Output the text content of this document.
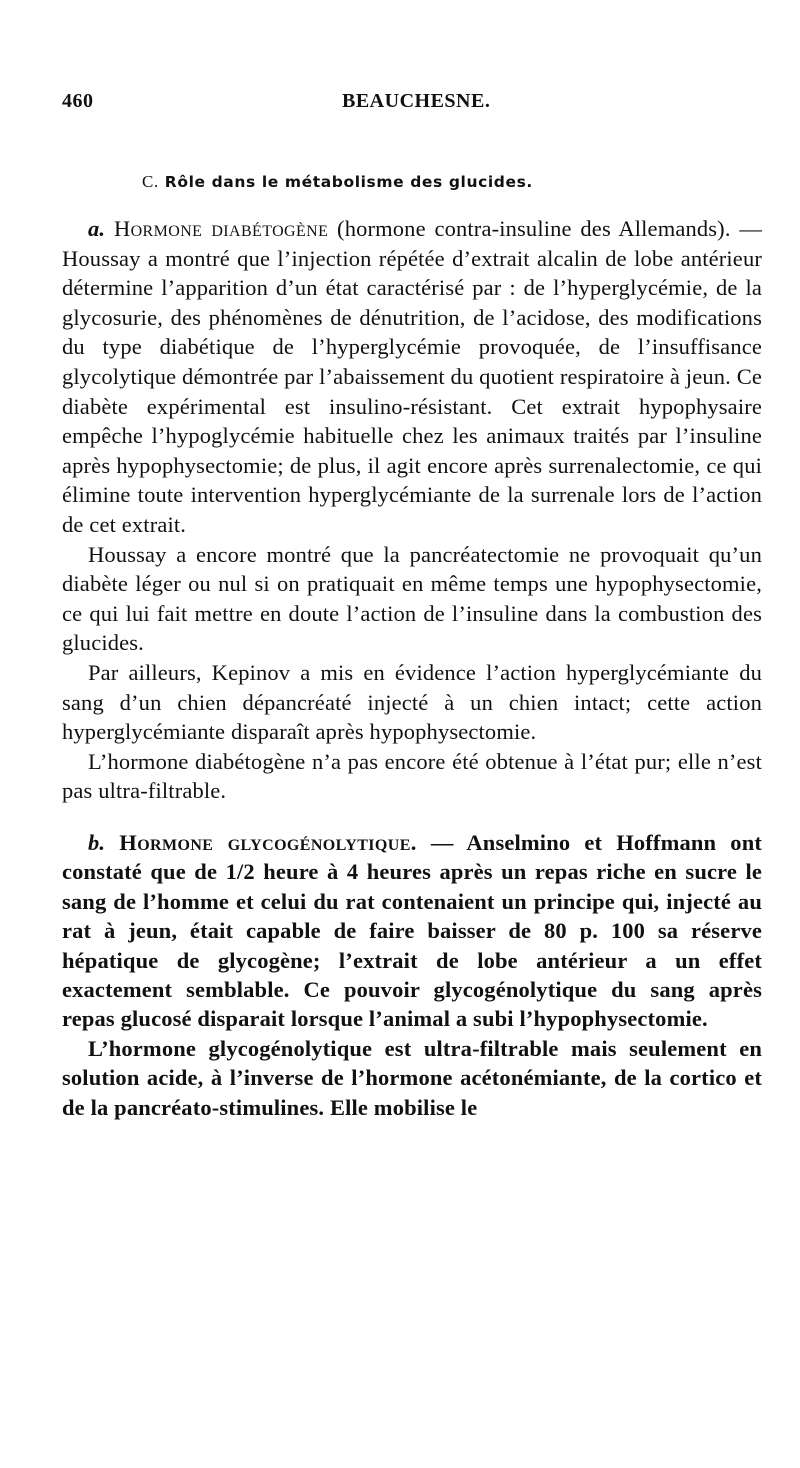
460	BEAUCHESNE.
C. Rôle dans le métabolisme des glucides.

a. Hormone diabétogène (hormone contra-insuline des Allemands). — Houssay a montré que l’injection répétée d’extrait alcalin de lobe antérieur détermine l’apparition d’un état caractérisé par : de l’hyperglycémie, de la glycosurie, des phénomènes de dénutrition, de l’acidose, des modifications du type diabétique de l’hyperglycémie provoquée, de l’insuffisance glycolytique démontrée par l’abaissement du quotient respiratoire à jeun. Ce diabète expérimental est insulino-résistant. Cet extrait hypophysaire empêche l’hypoglycémie habituelle chez les animaux traités par l’insuline après hypophysectomie; de plus, il agit encore après surrenalectomie, ce qui élimine toute intervention hyperglycémiante de la surrenale lors de l’action de cet extrait.

Houssay a encore montré que la pancréatectomie ne provoquait qu’un diabète léger ou nul si on pratiquait en même temps une hypophysectomie, ce qui lui fait mettre en doute l’action de l’insuline dans la combustion des glucides.

Par ailleurs, Kepinov a mis en évidence l’action hyperglycémiante du sang d’un chien dépancréaté injecté à un chien intact; cette action hyperglycémiante disparaît après hypophysectomie.

L’hormone diabétogène n’a pas encore été obtenue à l’état pur; elle n’est pas ultra-filtrable.

b. Hormone glycogénolytique. — Anselmino et Hoffmann ont constaté que de 1/2 heure à 4 heures après un repas riche en sucre le sang de l’homme et celui du rat contenaient un principe qui, injecté au rat à jeun, était capable de faire baisser de 80 p. 100 sa réserve hépatique de glycogène; l’extrait de lobe antérieur a un effet exactement semblable. Ce pouvoir glycogénolytique du sang après repas glucosé disparait lorsque l’animal a subi l’hypophysectomie.

L’hormone glycogénolytique est ultra-filtrable mais seulement en solution acide, à l’inverse de l’hormone acétonémiante, de la cortico et de la pancréato-stimulines. Elle mobilise le
